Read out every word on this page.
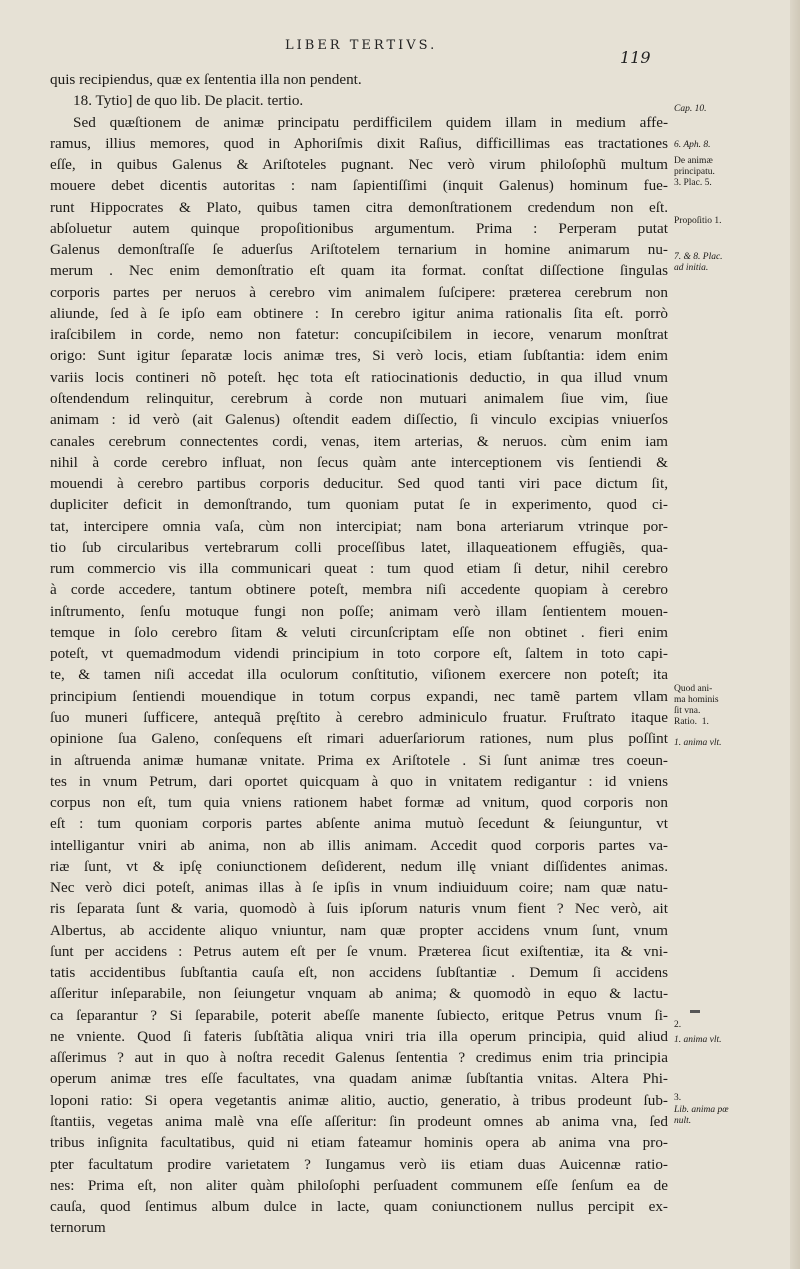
LIBER TERTIVS.
119
quis recipiendus, quæ ex ſententia illa non pendent.
18. Tytio] de quo lib. De placit. tertio.
Sed quæſtionem de animæ principatu perdifficilem quidem illam in medium affe-
ramus, illius memores, quod in Aphoriſmis dixit Raſius, difficillimas eas tractationes
eſſe, in quibus Galenus & Ariſtoteles pugnant. Nec verò virum philoſophũ multum
mouere debet dicentis autoritas : nam ſapientiſſimi (inquit Galenus) hominum fue-
runt Hippocrates & Plato, quibus tamen citra demonſtrationem credendum non eſt.
abſoluetur autem quinque propoſitionibus argumentum. Prima : Perperam putat
Galenus demonſtraſſe ſe aduerſus Ariſtotelem ternarium in homine animarum nu-
merum . Nec enim demonſtratio eſt quam ita format. conſtat diſſectione ſingulas
corporis partes per neruos à cerebro vim animalem ſuſcipere: præterea cerebrum non
aliunde, ſed à ſe ipſo eam obtinere : In cerebro igitur anima rationalis ſita eſt. porrò
iraſcibilem in corde, nemo non fatetur: concupiſcibilem in iecore, venarum monſtrat
origo: Sunt igitur ſeparatæ locis animæ tres, Si verò locis, etiam ſubſtantia: idem enim
variis locis contineri nõ poteſt. hęc tota eſt ratiocinationis deductio, in qua illud vnum
oſtendendum relinquitur, cerebrum à corde non mutuari animalem ſiue vim, ſiue
animam : id verò (ait Galenus) oſtendit eadem diſſectio, ſi vinculo excipias vniuerſos
canales cerebrum connectentes cordi, venas, item arterias, & neruos. cùm enim iam
nihil à corde cerebro influat, non ſecus quàm ante interceptionem vis ſentiendi &
mouendi à cerebro partibus corporis deducitur. Sed quod tanti viri pace dictum ſit,
dupliciter deficit in demonſtrando, tum quoniam putat ſe in experimento, quod ci-
tat, intercipere omnia vaſa, cùm non intercipiat; nam bona arteriarum vtrinque por-
tio ſub circularibus vertebrarum colli proceſſibus latet, illaqueationem effugiẽs, qua-
rum commercio vis illa communicari queat : tum quod etiam ſi detur, nihil cerebro
à corde accedere, tantum obtinere poteſt, membra niſi accedente quopiam à cerebro
inſtrumento, ſenſu motuque fungi non poſſe; animam verò illam ſentientem mouen-
temque in ſolo cerebro ſitam & veluti circunſcriptam eſſe non obtinet . fieri enim
poteſt, vt quemadmodum videndi principium in toto corpore eſt, ſaltem in toto capi-
te, & tamen niſi accedat illa oculorum conſtitutio, viſionem exercere non poteſt; ita
principium ſentiendi mouendique in totum corpus expandi, nec tamẽ partem vllam
ſuo muneri ſufficere, antequã pręſtito à cerebro adminiculo fruatur. Fruſtrato itaque
opinione ſua Galeno, conſequens eſt rimari aduerſariorum rationes, num plus poſſint
in aſtruenda animæ humanæ vnitate. Prima ex Ariſtotele . Si ſunt animæ tres coeun-
tes in vnum Petrum, dari oportet quicquam à quo in vnitatem redigantur : id vniens
corpus non eſt, tum quia vniens rationem habet formæ ad vnitum, quod corporis non
eſt : tum quoniam corporis partes abſente anima mutuò ſecedunt & ſeiunguntur, vt
intelligantur vniri ab anima, non ab illis animam. Accedit quod corporis partes va-
riæ ſunt, vt & ipſę coniunctionem deſiderent, nedum illę vniant diſſidentes animas.
Nec verò dici poteſt, animas illas à ſe ipſis in vnum indiuiduum coire; nam quæ natu-
ris ſeparata ſunt & varia, quomodò à ſuis ipſorum naturis vnum fient ? Nec verò, ait
Albertus, ab accidente aliquo vniuntur, nam quæ propter accidens vnum ſunt, vnum
ſunt per accidens : Petrus autem eſt per ſe vnum. Præterea ſicut exiſtentiæ, ita & vni-
tatis accidentibus ſubſtantia cauſa eſt, non accidens ſubſtantiæ . Demum ſi accidens
aſſeritur inſeparabile, non ſeiungetur vnquam ab anima; & quomodò in equo & lactu-
ca ſeparantur ? Si ſeparabile, poterit abeſſe manente ſubiecto, eritque Petrus vnum ſi-
ne vniente. Quod ſi fateris ſubſtãtia aliqua vniri tria illa operum principia, quid aliud
aſſerimus ? aut in quo à noſtra recedit Galenus ſententia ? credimus enim tria principia
operum animæ tres eſſe facultates, vna quadam animæ ſubſtantia vnitas. Altera Phi-
loponi ratio: Si opera vegetantis animæ alitio, auctio, generatio, à tribus prodeunt ſub-
ſtantiis, vegetas anima malè vna eſſe aſſeritur: ſin prodeunt omnes ab anima vna, ſed
tribus inſignita facultatibus, quid ni etiam fateamur hominis opera ab anima vna pro-
pter facultatum prodire varietatem ? Iungamus verò iis etiam duas Auicennæ ratio-
nes: Prima eſt, non aliter quàm philoſophi perſuadent communem eſſe ſenſum ea de
cauſa, quod ſentimus album dulce in lacte, quam coniunctionem nullus percipit ex-
ternorum
Cap. 10.
6. Aph. 8.
De animæ
principatu.
3. Plac. 5.
Propoſitio 1.
7. & 8. Plac.
ad initia.
Quod ani-
ma hominis
ſit vna.
Ratio.  1.
1. anima vlt.
2.
1. anima vlt.
3.
Lib. anima pœ
nult.
